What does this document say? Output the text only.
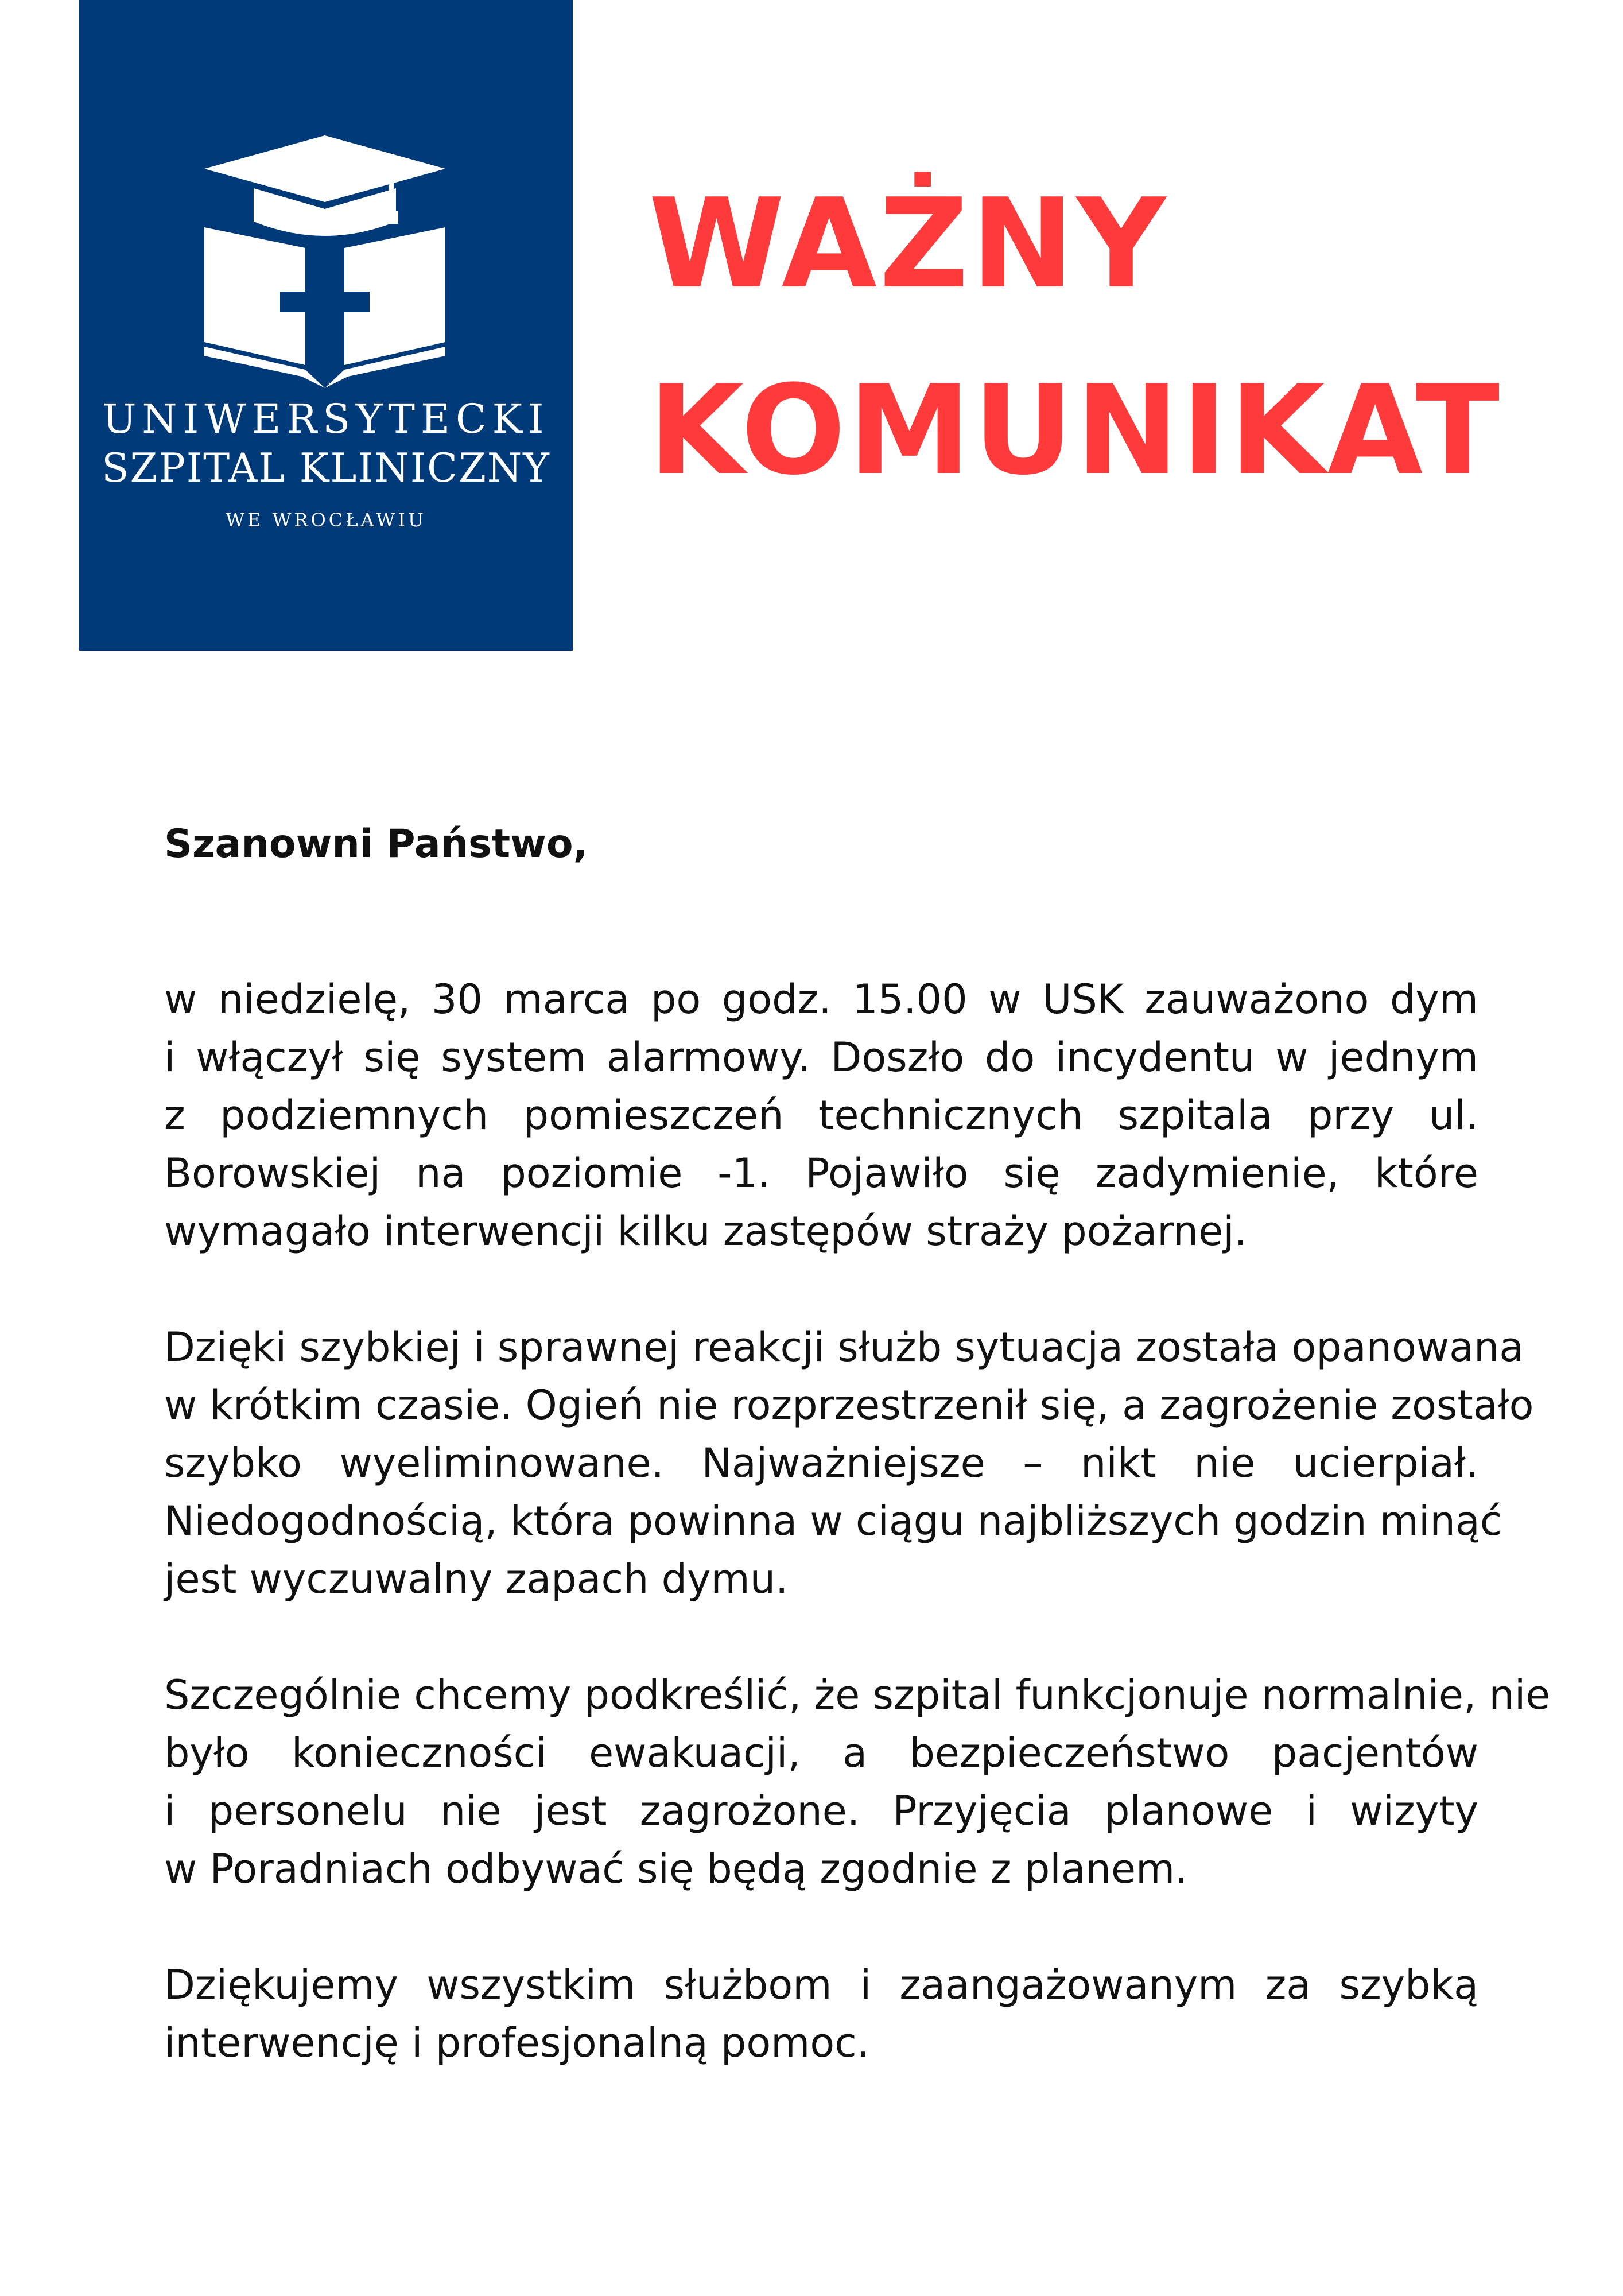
UNIWERSYTECKI
SZPITAL KLINICZNY
WE WROCŁAWIU
WAŻNY
KOMUNIKAT
Szanowni Państwo,
w niedzielę, 30 marca po godz. 15.00 w USK zauważono dym
i włączył się system alarmowy. Doszło do incydentu w jednym
z podziemnych pomieszczeń technicznych szpitala przy ul.
Borowskiej na poziomie -1. Pojawiło się zadymienie, które
wymagało interwencji kilku zastępów straży pożarnej.
Dzięki szybkiej i sprawnej reakcji służb sytuacja została opanowana
w krótkim czasie. Ogień nie rozprzestrzenił się, a zagrożenie zostało
szybko wyeliminowane. Najważniejsze – nikt nie ucierpiał.
Niedogodnością, która powinna w ciągu najbliższych godzin minąć
jest wyczuwalny zapach dymu.
Szczególnie chcemy podkreślić, że szpital funkcjonuje normalnie, nie
było konieczności ewakuacji, a bezpieczeństwo pacjentów
i personelu nie jest zagrożone. Przyjęcia planowe i wizyty
w Poradniach odbywać się będą zgodnie z planem.
Dziękujemy wszystkim służbom i zaangażowanym za szybką
interwencję i profesjonalną pomoc.
